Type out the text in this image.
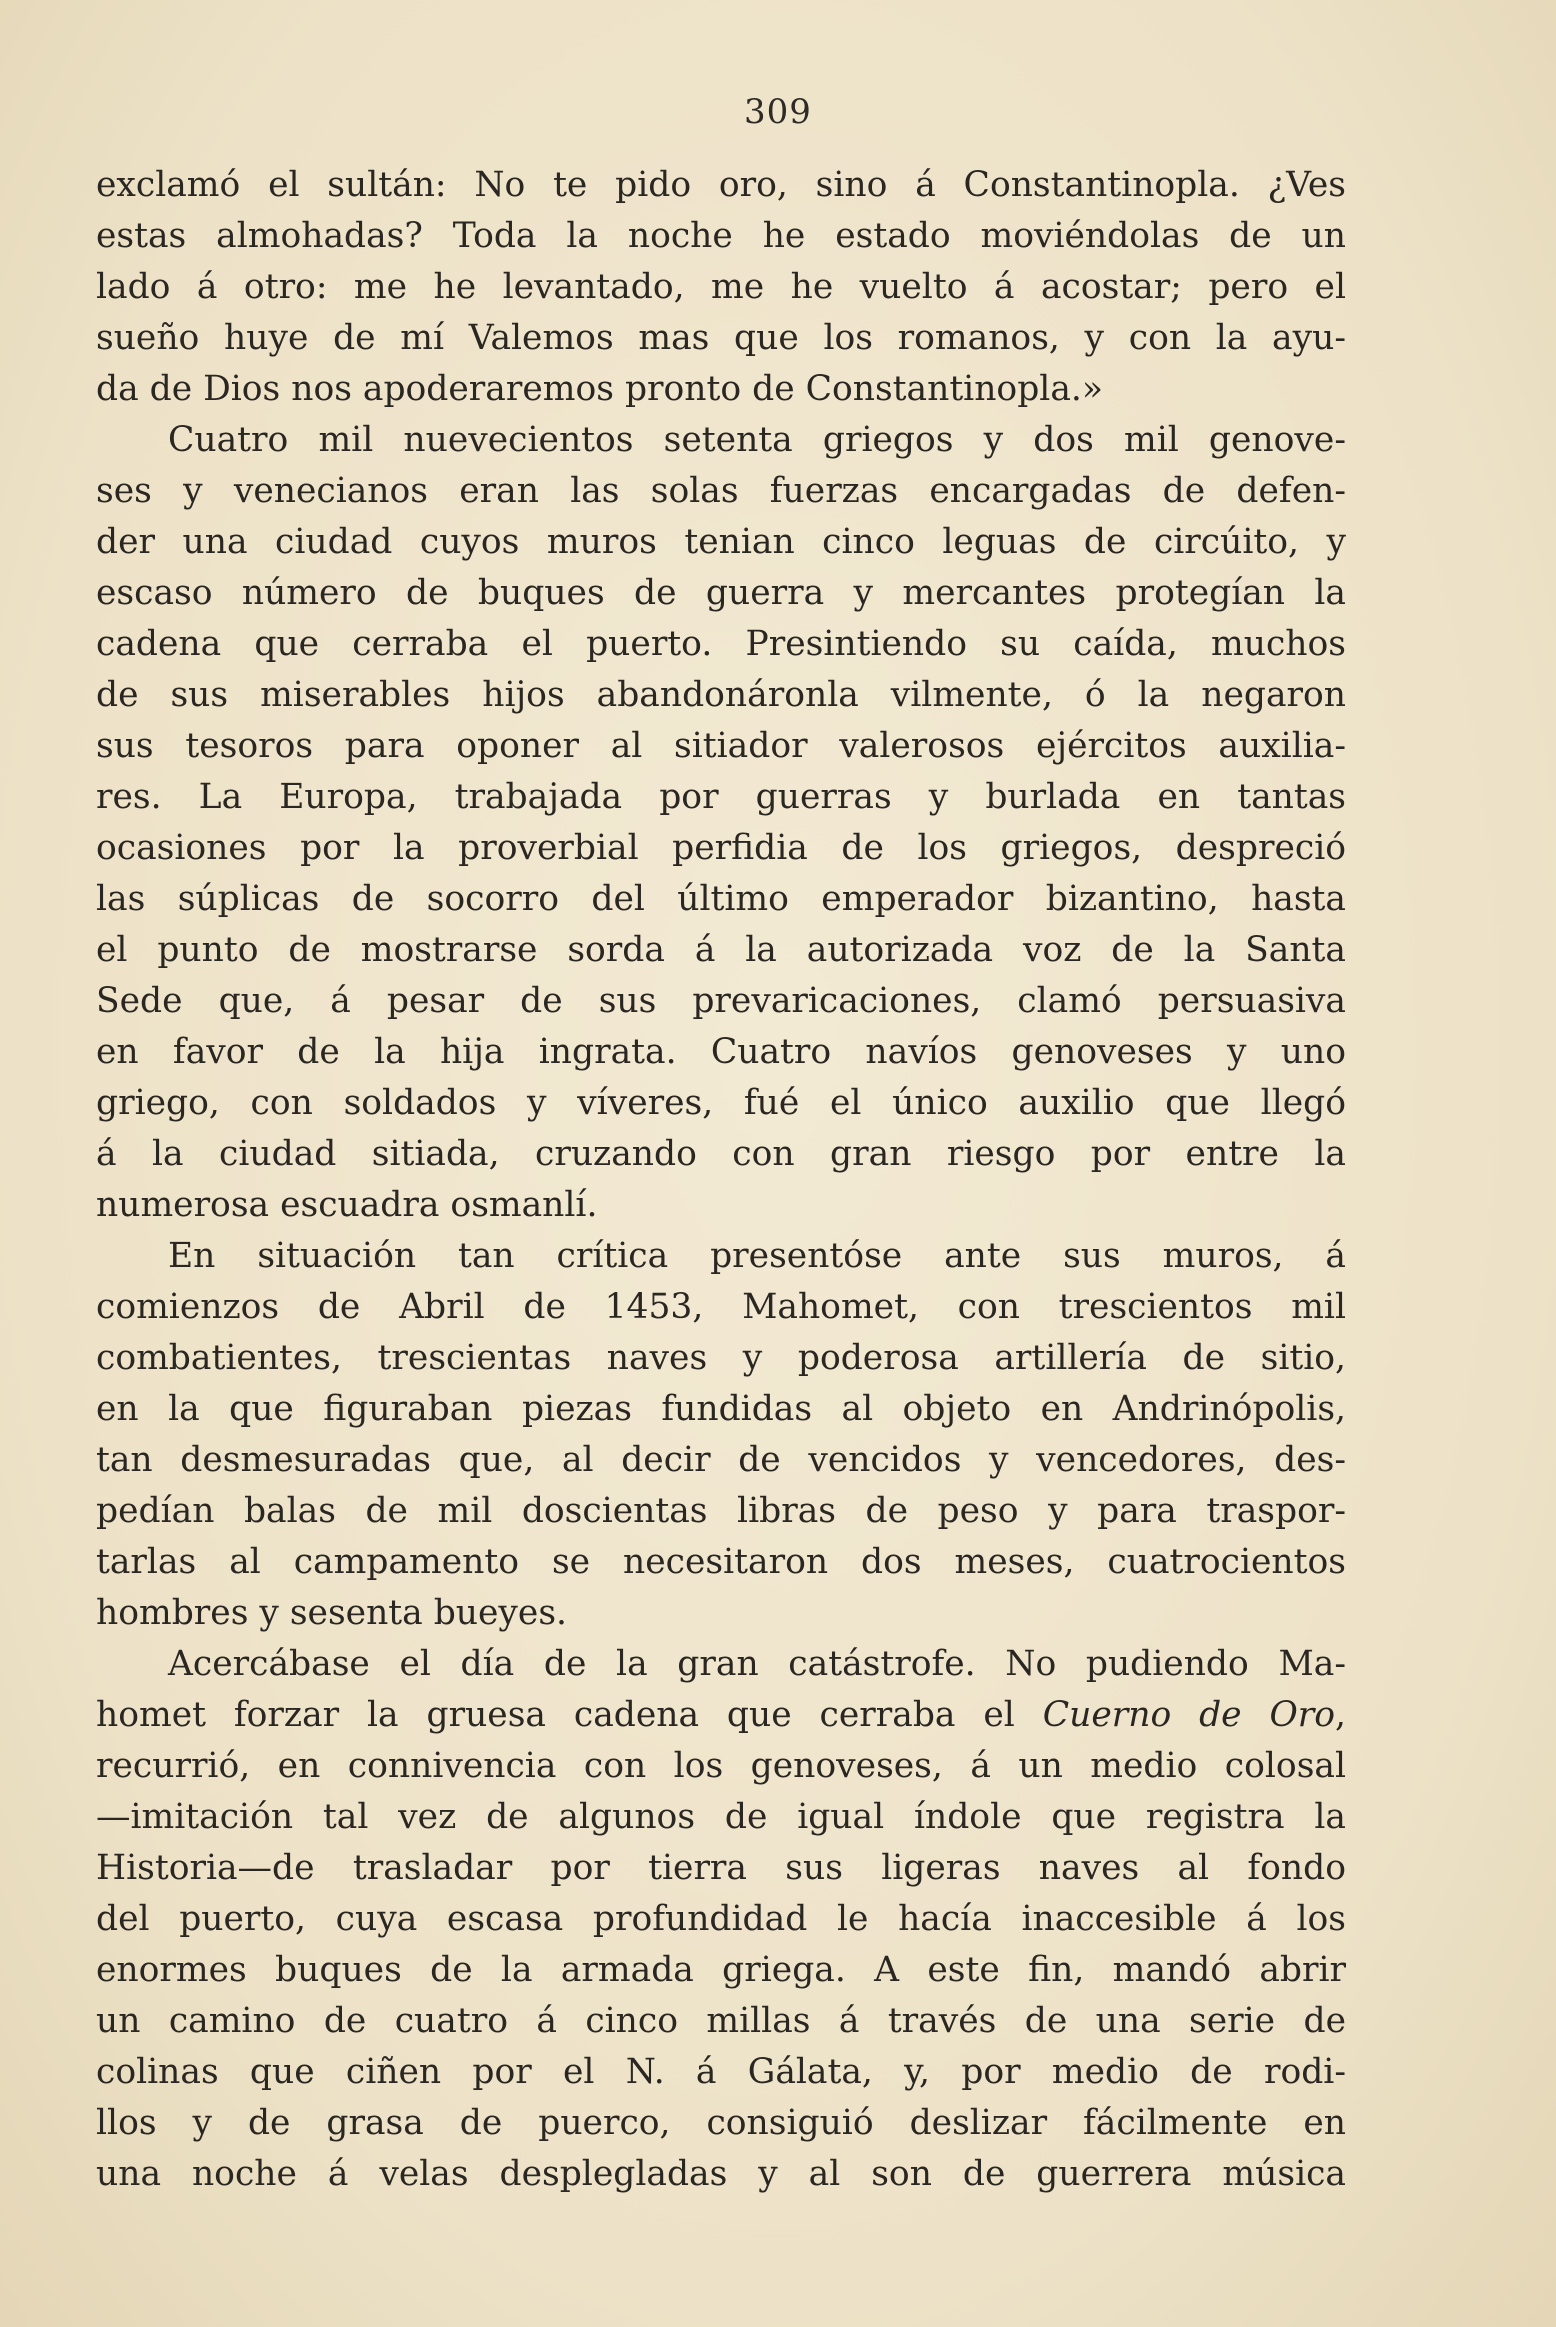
309
exclamó el sultán: No te pido oro, sino á Constantinopla. ¿Ves
estas almohadas? Toda la noche he estado moviéndolas de un
lado á otro: me he levantado, me he vuelto á acostar; pero el
sueño huye de mí Valemos mas que los romanos, y con la ayu-
da de Dios nos apoderaremos pronto de Constantinopla.»
Cuatro mil nuevecientos setenta griegos y dos mil genove-
ses y venecianos eran las solas fuerzas encargadas de defen-
der una ciudad cuyos muros tenian cinco leguas de circúito, y
escaso número de buques de guerra y mercantes protegían la
cadena que cerraba el puerto. Presintiendo su caída, muchos
de sus miserables hijos abandonáronla vilmente, ó la negaron
sus tesoros para oponer al sitiador valerosos ejércitos auxilia-
res. La Europa, trabajada por guerras y burlada en tantas
ocasiones por la proverbial perfidia de los griegos, despreció
las súplicas de socorro del último emperador bizantino, hasta
el punto de mostrarse sorda á la autorizada voz de la Santa
Sede que, á pesar de sus prevaricaciones, clamó persuasiva
en favor de la hija ingrata. Cuatro navíos genoveses y uno
griego, con soldados y víveres, fué el único auxilio que llegó
á la ciudad sitiada, cruzando con gran riesgo por entre la
numerosa escuadra osmanlí.
En situación tan crítica presentóse ante sus muros, á
comienzos de Abril de 1453, Mahomet, con trescientos mil
combatientes, trescientas naves y poderosa artillería de sitio,
en la que figuraban piezas fundidas al objeto en Andrinópolis,
tan desmesuradas que, al decir de vencidos y vencedores, des-
pedían balas de mil doscientas libras de peso y para traspor-
tarlas al campamento se necesitaron dos meses, cuatrocientos
hombres y sesenta bueyes.
Acercábase el día de la gran catástrofe. No pudiendo Ma-
homet forzar la gruesa cadena que cerraba el Cuerno de Oro,
recurrió, en connivencia con los genoveses, á un medio colosal
—imitación tal vez de algunos de igual índole que registra la
Historia—de trasladar por tierra sus ligeras naves al fondo
del puerto, cuya escasa profundidad le hacía inaccesible á los
enormes buques de la armada griega. A este fin, mandó abrir
un camino de cuatro á cinco millas á través de una serie de
colinas que ciñen por el N. á Gálata, y, por medio de rodi-
llos y de grasa de puerco, consiguió deslizar fácilmente en
una noche á velas desplegladas y al son de guerrera música
